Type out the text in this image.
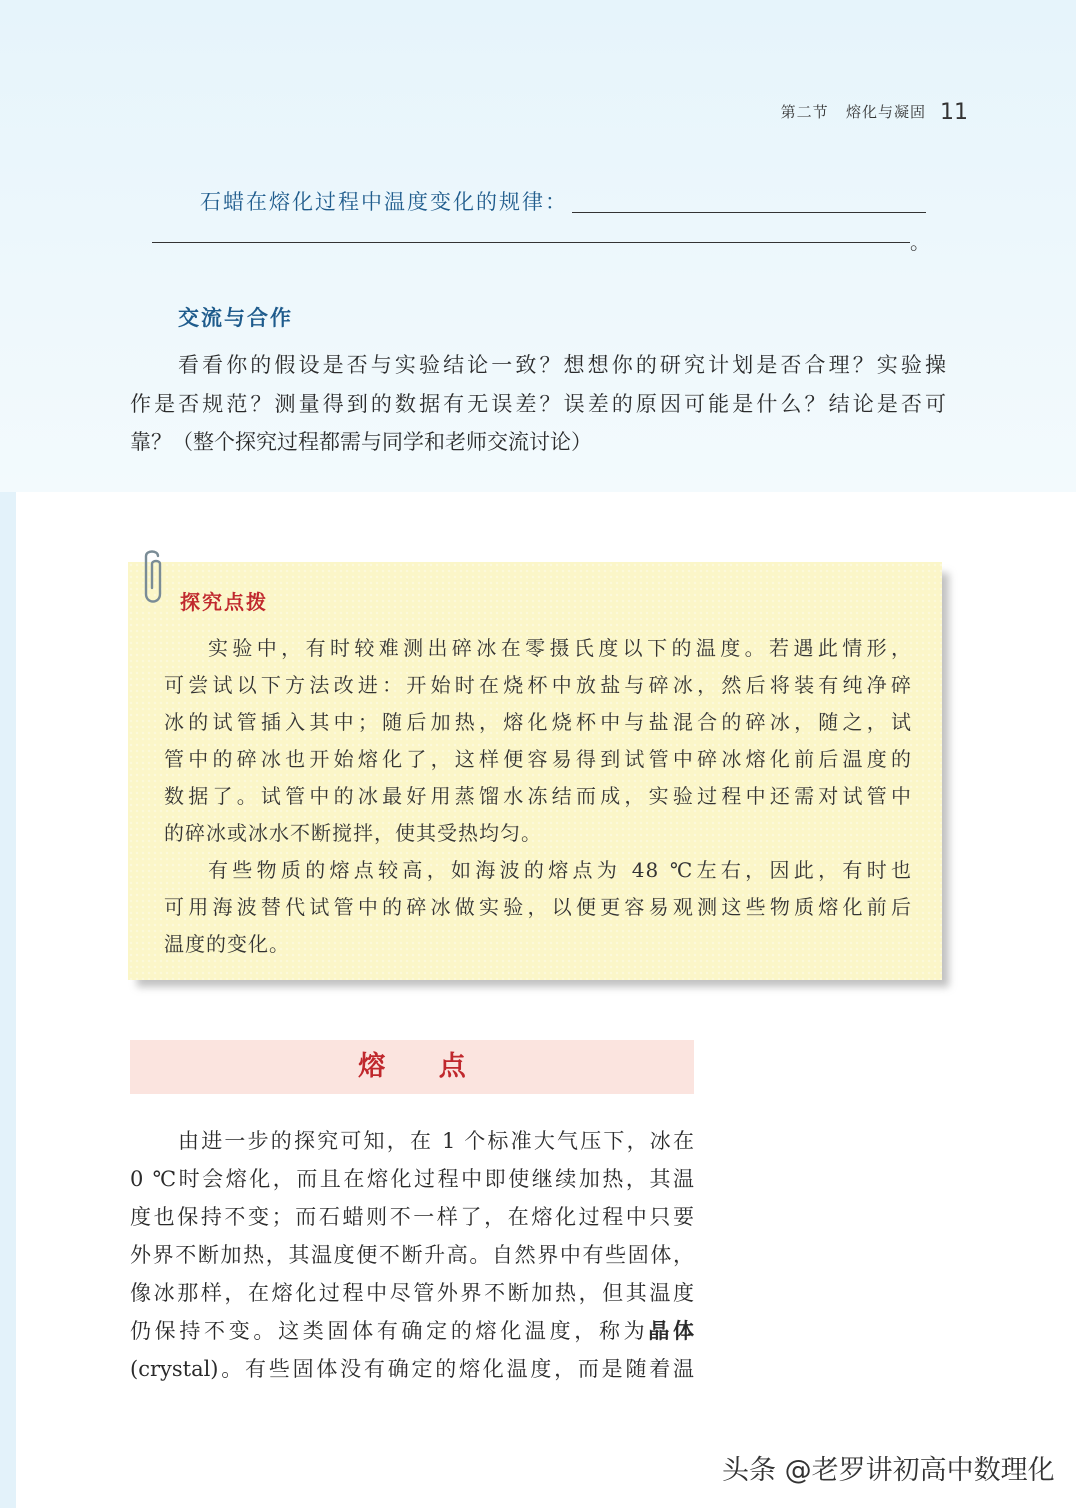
第二节 熔化与凝固 11
石蜡在熔化过程中温度变化的规律：
。
交流与合作
看看你的假设是否与实验结论一致？想想你的研究计划是否合理？实验操
作是否规范？测量得到的数据有无误差？误差的原因可能是什么？结论是否可
靠？（整个探究过程都需与同学和老师交流讨论）
探究点拨
实验中，有时较难测出碎冰在零摄氏度以下的温度。若遇此情形，
可尝试以下方法改进：开始时在烧杯中放盐与碎冰，然后将装有纯净碎
冰的试管插入其中；随后加热，熔化烧杯中与盐混合的碎冰，随之，试
管中的碎冰也开始熔化了，这样便容易得到试管中碎冰熔化前后温度的
数据了。试管中的冰最好用蒸馏水冻结而成，实验过程中还需对试管中
的碎冰或冰水不断搅拌，使其受热均匀。
有些物质的熔点较高，如海波的熔点为 48 ℃左右，因此，有时也
可用海波替代试管中的碎冰做实验，以便更容易观测这些物质熔化前后
温度的变化。
熔 点
由进一步的探究可知，在 1 个标准大气压下，冰在
0 ℃时会熔化，而且在熔化过程中即使继续加热，其温
度也保持不变；而石蜡则不一样了，在熔化过程中只要
外界不断加热，其温度便不断升高。自然界中有些固体，
像冰那样，在熔化过程中尽管外界不断加热，但其温度
仍保持不变。这类固体有确定的熔化温度，称为晶体
(crystal)。有些固体没有确定的熔化温度，而是随着温
头条 @老罗讲初高中数理化
